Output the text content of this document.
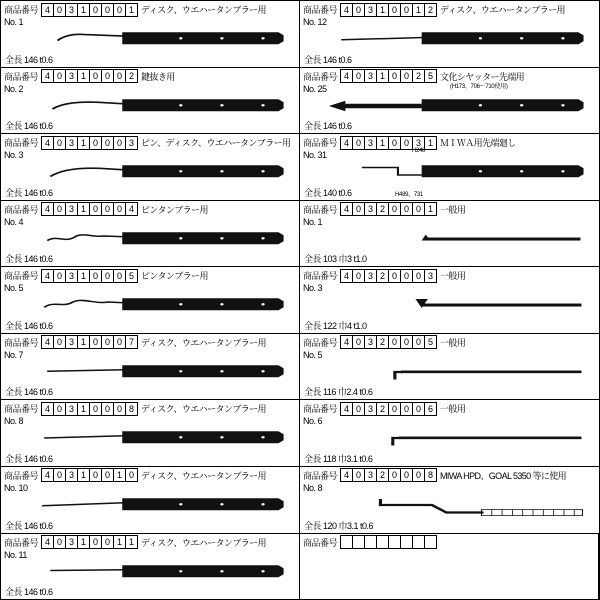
商品番号 4 0 3 1 0 0 0 1 ディスク、ウエハータンブラー用
No. 1
全長 146 t0.6
商品番号 4 0 3 1 0 0 1 2 ディスク、ウエハータンブラー用
No. 12
全長 146 t0.6
商品番号 4 0 3 1 0 0 0 2 鍵抜き用
No. 2
全長 146 t0.6
商品番号 4 0 3 1 0 0 2 5 文化シヤッター先端用
No. 25	(H173、706～710使用)
全長 146 t0.6
商品番号 4 0 3 1 0 0 0 3 ピン、ディスク、ウエハータンブラー用
No. 3
全長 146 t0.6
商品番号 4 0 3 1 0 0 3 1 ＭＩＷＡ用先端廻し
No. 31	H248
H489、731
全長 140 t0.6
商品番号 4 0 3 1 0 0 0 4 ピンタンブラー用
No. 4
全長 146 t0.6
商品番号 4 0 3 2 0 0 0 1 一般用
No. 1
全長 103 巾3 t1.0
商品番号 4 0 3 1 0 0 0 5 ピンタンブラー用
No. 5
全長 146 t0.6
商品番号 4 0 3 2 0 0 0 3 一般用
No. 3
全長 122 巾4 t1.0
商品番号 4 0 3 1 0 0 0 7 ディスク、ウエハータンブラー用
No. 7
全長 146 t0.6
商品番号 4 0 3 2 0 0 0 5 一般用
No. 5
全長 116 巾2.4 t0.6
商品番号 4 0 3 1 0 0 0 8 ディスク、ウエハータンブラー用
No. 8
全長 146 t0.6
商品番号 4 0 3 2 0 0 0 6 一般用
No. 6
全長 118 巾3.1 t0.6
商品番号 4 0 3 1 0 0 1 0 ディスク、ウエハータンブラー用
No. 10
全長 146 t0.6
商品番号 4 0 3 2 0 0 0 8 MIWA HPD、GOAL 5350 等に使用
No. 8
全長 120 巾3.1 t0.6
商品番号 4 0 3 1 0 0 1 1 ディスク、ウエハータンブラー用
No. 11
全長 146 t0.6
商品番号
